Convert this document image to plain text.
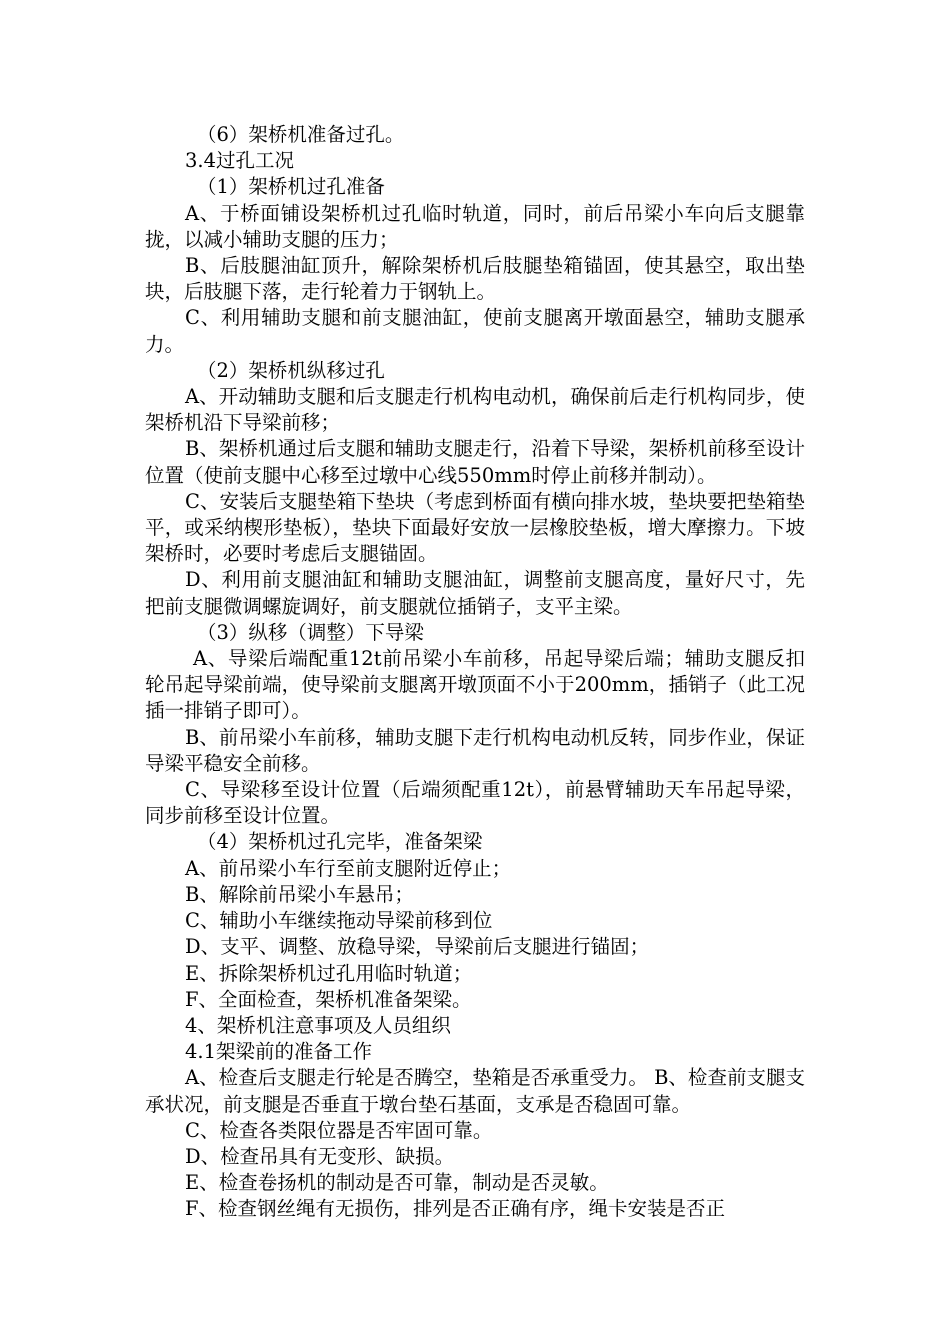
（6）架桥机准备过孔。

3.4过孔工况

（1）架桥机过孔准备

A、于桥面铺设架桥机过孔临时轨道，同时，前后吊梁小车向后支腿靠拢，以减小辅助支腿的压力；

B、后肢腿油缸顶升，解除架桥机后肢腿垫箱锚固，使其悬空，取出垫块，后肢腿下落，走行轮着力于钢轨上。

C、利用辅助支腿和前支腿油缸，使前支腿离开墩面悬空，辅助支腿承力。

（2）架桥机纵移过孔

A、开动辅助支腿和后支腿走行机构电动机，确保前后走行机构同步，使架桥机沿下导梁前移；

B、架桥机通过后支腿和辅助支腿走行，沿着下导梁，架桥机前移至设计位置（使前支腿中心移至过墩中心线550mm时停止前移并制动）。

C、安装后支腿垫箱下垫块（考虑到桥面有横向排水坡，垫块要把垫箱垫平，或采纳楔形垫板），垫块下面最好安放一层橡胶垫板，增大摩擦力。下坡架桥时，必要时考虑后支腿锚固。

D、利用前支腿油缸和辅助支腿油缸，调整前支腿高度，量好尺寸，先把前支腿微调螺旋调好，前支腿就位插销子，支平主梁。

（3）纵移（调整）下导梁

A、导梁后端配重12t前吊梁小车前移，吊起导梁后端；辅助支腿反扣轮吊起导梁前端，使导梁前支腿离开墩顶面不小于200mm，插销子（此工况插一排销子即可）。

B、前吊梁小车前移，辅助支腿下走行机构电动机反转，同步作业，保证导梁平稳安全前移。

C、导梁移至设计位置（后端须配重12t），前悬臂辅助天车吊起导梁，同步前移至设计位置。

（4）架桥机过孔完毕，准备架梁

A、前吊梁小车行至前支腿附近停止；

B、解除前吊梁小车悬吊；

C、辅助小车继续拖动导梁前移到位

D、支平、调整、放稳导梁，导梁前后支腿进行锚固；

E、拆除架桥机过孔用临时轨道；

F、全面检查，架桥机准备架梁。

4、架桥机注意事项及人员组织

4.1架梁前的准备工作

A、检查后支腿走行轮是否腾空，垫箱是否承重受力。 B、检查前支腿支承状况，前支腿是否垂直于墩台垫石基面，支承是否稳固可靠。

C、检查各类限位器是否牢固可靠。

D、检查吊具有无变形、缺损。

E、检查卷扬机的制动是否可靠，制动是否灵敏。

F、检查钢丝绳有无损伤，排列是否正确有序，绳卡安装是否正
